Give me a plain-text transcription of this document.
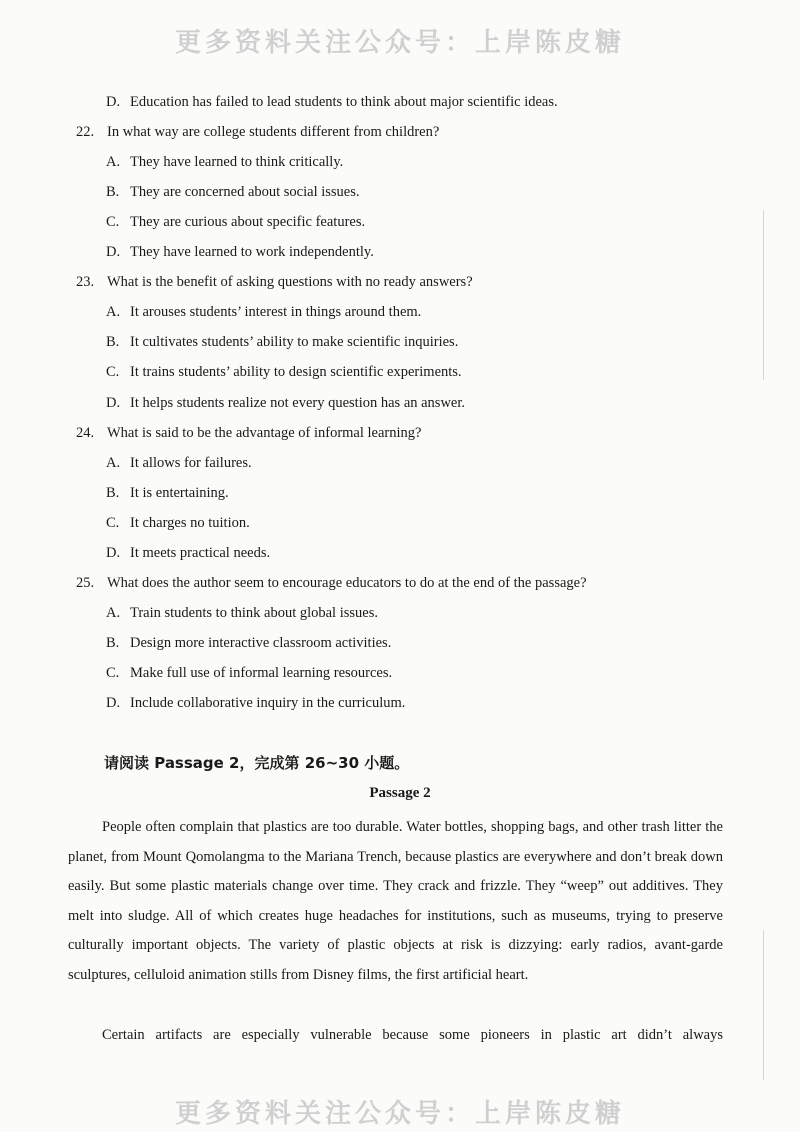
更多资料关注公众号：上岸陈皮糖
D. Education has failed to lead students to think about major scientific ideas.
22. In what way are college students different from children?
A. They have learned to think critically.
B. They are concerned about social issues.
C. They are curious about specific features.
D. They have learned to work independently.
23. What is the benefit of asking questions with no ready answers?
A. It arouses students’ interest in things around them.
B. It cultivates students’ ability to make scientific inquiries.
C. It trains students’ ability to design scientific experiments.
D. It helps students realize not every question has an answer.
24. What is said to be the advantage of informal learning?
A. It allows for failures.
B. It is entertaining.
C. It charges no tuition.
D. It meets practical needs.
25. What does the author seem to encourage educators to do at the end of the passage?
A. Train students to think about global issues.
B. Design more interactive classroom activities.
C. Make full use of informal learning resources.
D. Include collaborative inquiry in the curriculum.
请阅读 Passage 2，完成第 26~30 小题。
Passage 2
People often complain that plastics are too durable. Water bottles, shopping bags, and other trash litter the planet, from Mount Qomolangma to the Mariana Trench, because plastics are everywhere and don’t break down easily. But some plastic materials change over time. They crack and frizzle. They “weep” out additives. They melt into sludge. All of which creates huge headaches for institutions, such as museums, trying to preserve culturally important objects. The variety of plastic objects at risk is dizzying: early radios, avant-garde sculptures, celluloid animation stills from Disney films, the first artificial heart.
Certain artifacts are especially vulnerable because some pioneers in plastic art didn’t always
更多资料关注公众号：上岸陈皮糖
